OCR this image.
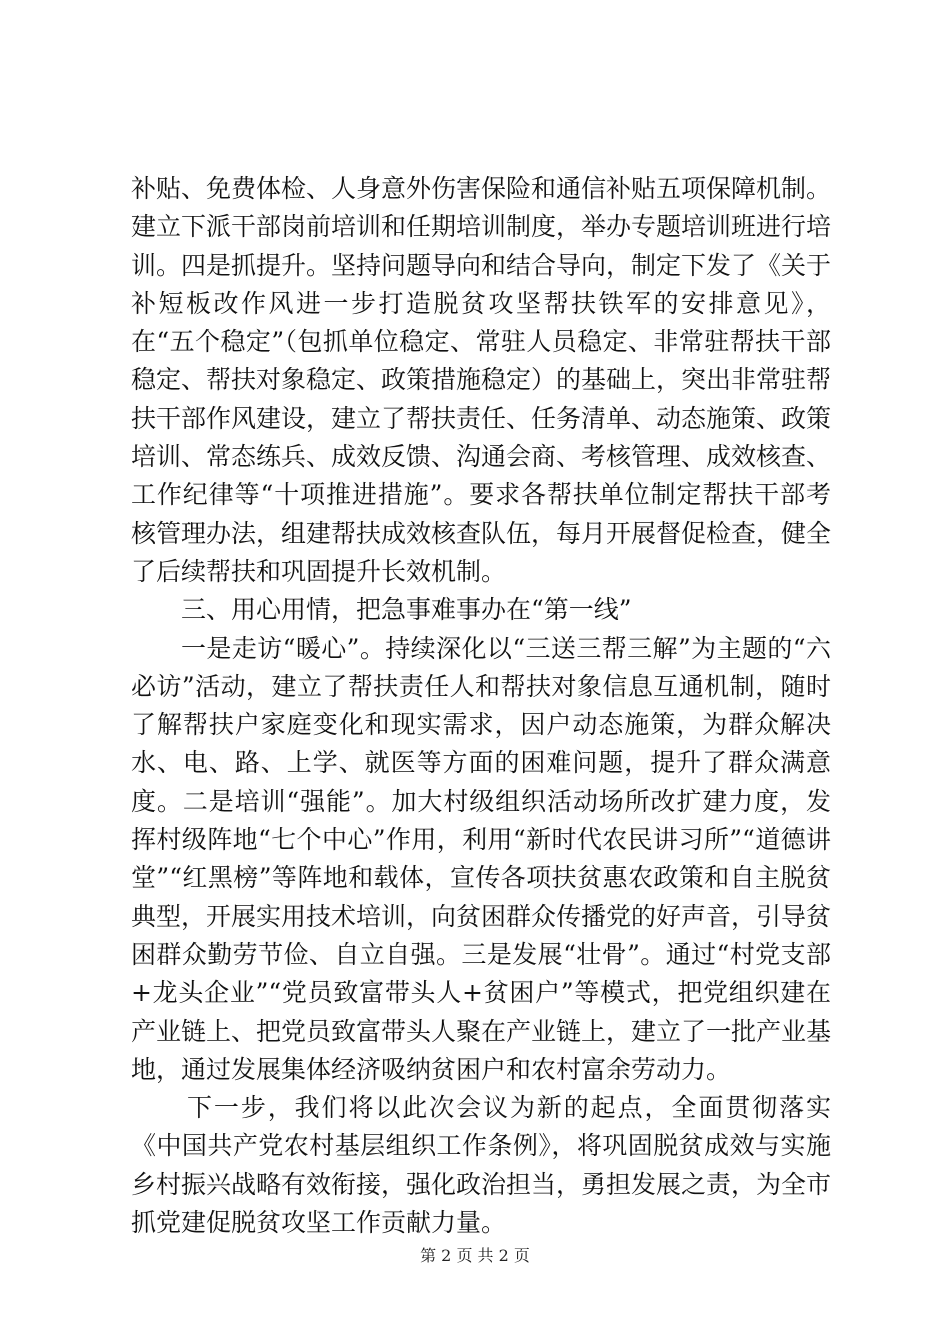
补贴、免费体检、人身意外伤害保险和通信补贴五项保障机制。建立下派干部岗前培训和任期培训制度，举办专题培训班进行培训。四是抓提升。坚持问题导向和结合导向，制定下发了《关于补短板改作风进一步打造脱贫攻坚帮扶铁军的安排意见》，在“五个稳定”（包抓单位稳定、常驻人员稳定、非常驻帮扶干部稳定、帮扶对象稳定、政策措施稳定）的基础上，突出非常驻帮扶干部作风建设，建立了帮扶责任、任务清单、动态施策、政策培训、常态练兵、成效反馈、沟通会商、考核管理、成效核查、工作纪律等“十项推进措施”。要求各帮扶单位制定帮扶干部考核管理办法，组建帮扶成效核查队伍，每月开展督促检查，健全了后续帮扶和巩固提升长效机制。

三、用心用情，把急事难事办在“第一线”

一是走访“暖心”。持续深化以“三送三帮三解”为主题的“六必访”活动，建立了帮扶责任人和帮扶对象信息互通机制，随时了解帮扶户家庭变化和现实需求，因户动态施策，为群众解决水、电、路、上学、就医等方面的困难问题，提升了群众满意度。二是培训“强能”。加大村级组织活动场所改扩建力度，发挥村级阵地“七个中心”作用，利用“新时代农民讲习所”“道德讲堂”“红黑榜”等阵地和载体，宣传各项扶贫惠农政策和自主脱贫典型，开展实用技术培训，向贫困群众传播党的好声音，引导贫困群众勤劳节俭、自立自强。三是发展“壮骨”。通过“村党支部+龙头企业”“党员致富带头人+贫困户”等模式，把党组织建在产业链上、把党员致富带头人聚在产业链上，建立了一批产业基地，通过发展集体经济吸纳贫困户和农村富余劳动力。

下一步，我们将以此次会议为新的起点，全面贯彻落实《中国共产党农村基层组织工作条例》，将巩固脱贫成效与实施乡村振兴战略有效衔接，强化政治担当，勇担发展之责，为全市抓党建促脱贫攻坚工作贡献力量。

第 2 页 共 2 页
